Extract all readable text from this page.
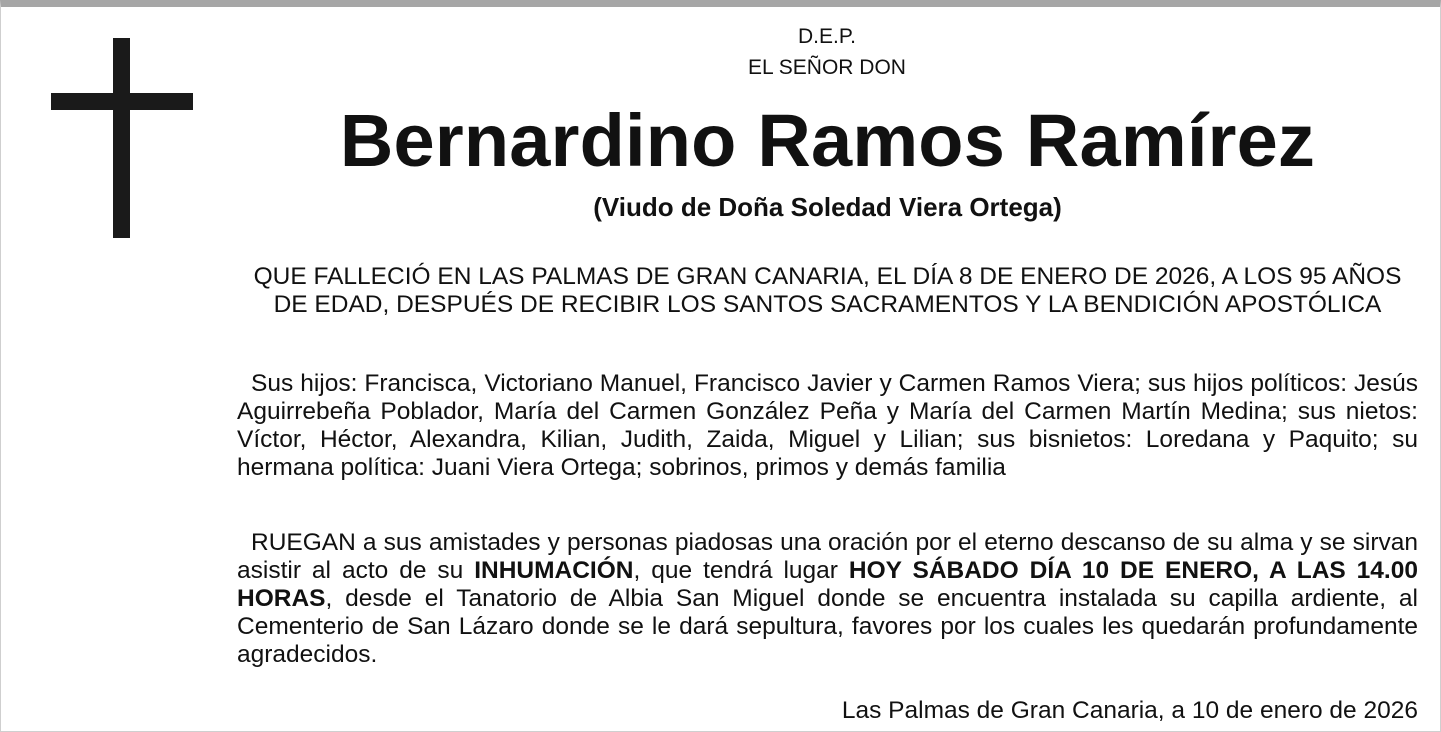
D.E.P.

EL SEÑOR DON

Bernardino Ramos Ramírez

(Viudo de Doña Soledad Viera Ortega)

QUE FALLECIÓ EN LAS PALMAS DE GRAN CANARIA, EL DÍA 8 DE ENERO DE 2026, A LOS 95 AÑOS DE EDAD, DESPUÉS DE RECIBIR LOS SANTOS SACRAMENTOS Y LA BENDICIÓN APOSTÓLICA

Sus hijos: Francisca, Victoriano Manuel, Francisco Javier y Carmen Ramos Viera; sus hijos políticos: Jesús Aguirrebeña Poblador, María del Carmen González Peña y María del Carmen Martín Medina; sus nietos: Víctor, Héctor, Alexandra, Kilian, Judith, Zaida, Miguel y Lilian; sus bisnietos: Loredana y Paquito; su hermana política: Juani Viera Ortega; sobrinos, primos y demás familia

RUEGAN a sus amistades y personas piadosas una oración por el eterno descanso de su alma y se sirvan asistir al acto de su INHUMACIÓN, que tendrá lugar HOY SÁBADO DÍA 10 DE ENERO, A LAS 14.00 HORAS, desde el Tanatorio de Albia San Miguel donde se encuentra instalada su capilla ardiente, al Cementerio de San Lázaro donde se le dará sepultura, favores por los cuales les quedarán profundamente agradecidos.

Las Palmas de Gran Canaria, a 10 de enero de 2026
